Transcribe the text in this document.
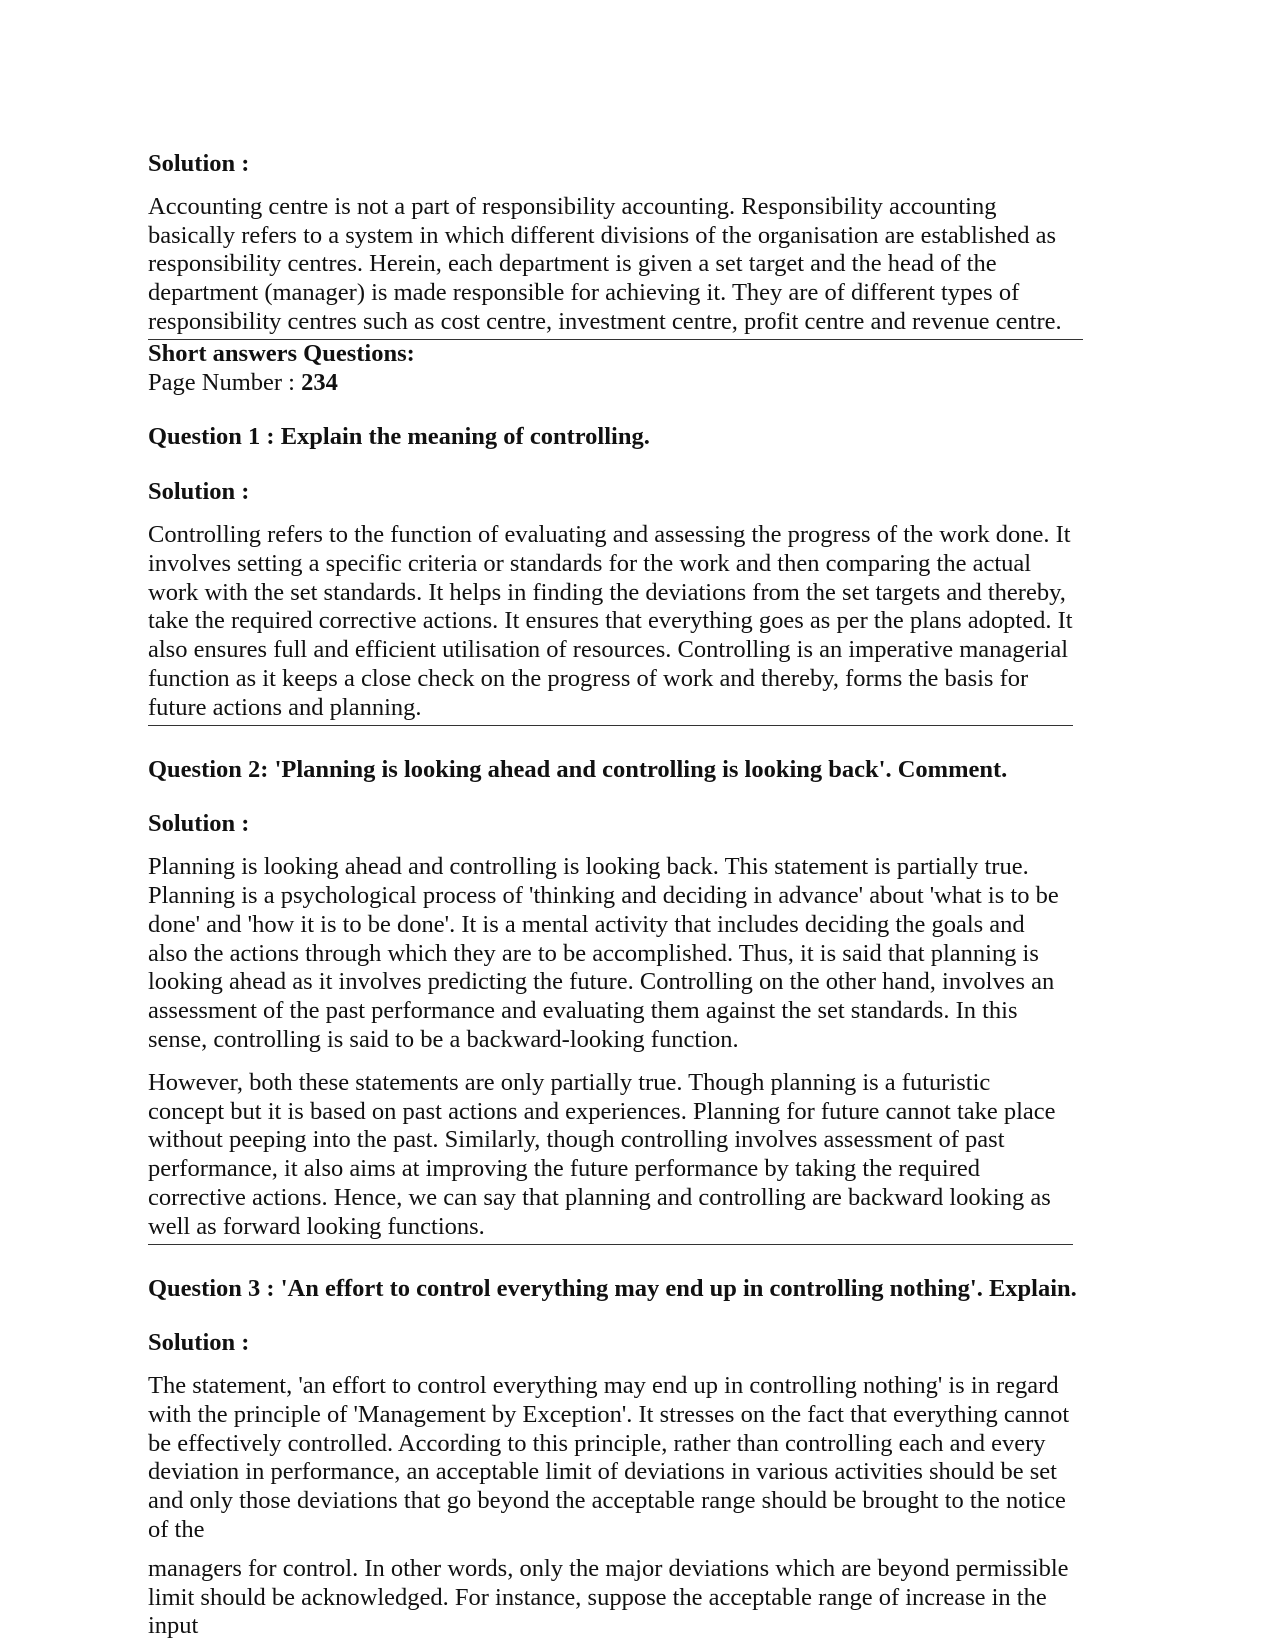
Solution :

Accounting centre is not a part of responsibility accounting. Responsibility accounting basically refers to a system in which different divisions of the organisation are established as responsibility centres. Herein, each department is given a set target and the head of the department (manager) is made responsible for achieving it. They are of different types of responsibility centres such as cost centre, investment centre, profit centre and revenue centre.

Short answers Questions:

Page Number : 234

Question 1 : Explain the meaning of controlling.

Solution :

Controlling refers to the function of evaluating and assessing the progress of the work done. It involves setting a specific criteria or standards for the work and then comparing the actual work with the set standards. It helps in finding the deviations from the set targets and thereby, take the required corrective actions. It ensures that everything goes as per the plans adopted. It also ensures full and efficient utilisation of resources. Controlling is an imperative managerial function as it keeps a close check on the progress of work and thereby, forms the basis for future actions and planning.

Question 2: 'Planning is looking ahead and controlling is looking back'. Comment.

Solution :

Planning is looking ahead and controlling is looking back. This statement is partially true. Planning is a psychological process of 'thinking and deciding in advance' about 'what is to be done' and 'how it is to be done'. It is a mental activity that includes deciding the goals and also the actions through which they are to be accomplished. Thus, it is said that planning is looking ahead as it involves predicting the future. Controlling on the other hand, involves an assessment of the past performance and evaluating them against the set standards. In this sense, controlling is said to be a backward-looking function.

However, both these statements are only partially true. Though planning is a futuristic concept but it is based on past actions and experiences. Planning for future cannot take place without peeping into the past. Similarly, though controlling involves assessment of past performance, it also aims at improving the future performance by taking the required corrective actions. Hence, we can say that planning and controlling are backward looking as well as forward looking functions.

Question 3 : 'An effort to control everything may end up in controlling nothing'. Explain.

Solution :

The statement, 'an effort to control everything may end up in controlling nothing' is in regard with the principle of 'Management by Exception'. It stresses on the fact that everything cannot be effectively controlled. According to this principle, rather than controlling each and every deviation in performance, an acceptable limit of deviations in various activities should be set and only those deviations that go beyond the acceptable range should be brought to the notice of the

managers for control. In other words, only the major deviations which are beyond permissible limit should be acknowledged. For instance, suppose the acceptable range of increase in the input
